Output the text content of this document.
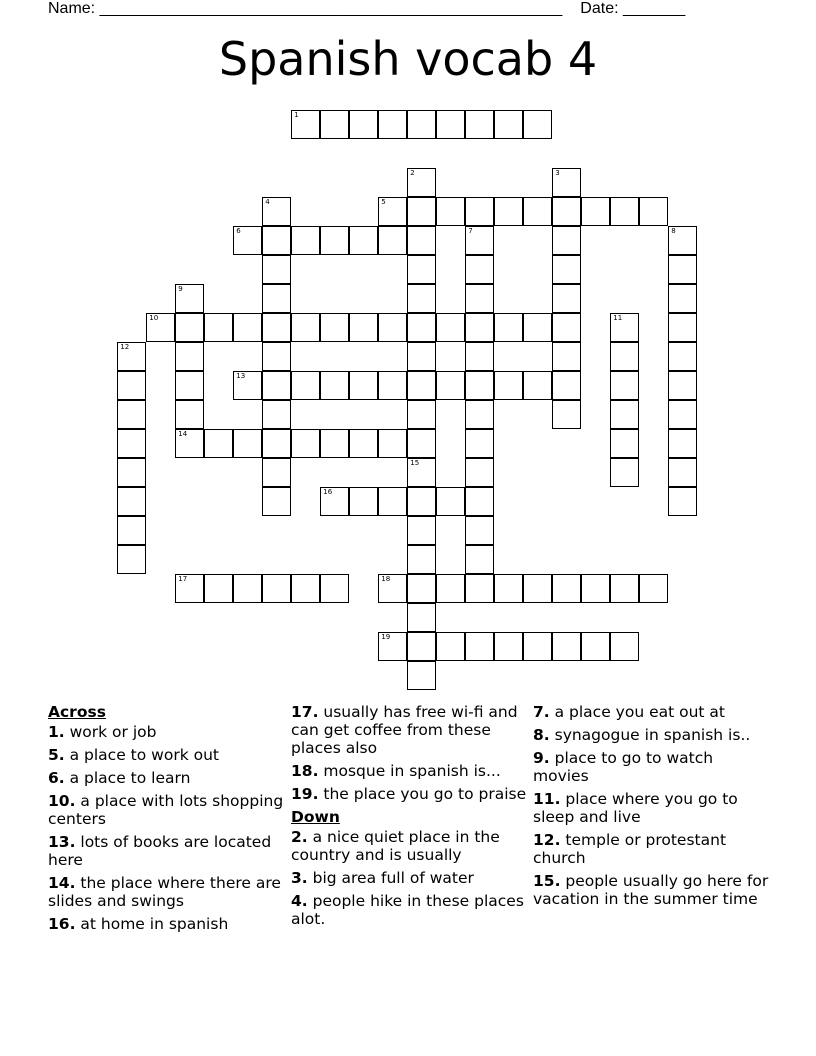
Name: ____________________________________________________ Date: _______
Spanish vocab 4
1
2
15
3
4	5
6	7	8
9
14
10	11
12
13
16
17	18
19
Across
1. work or job
5. a place to work out
6. a place to learn
10. a place with lots shopping centers
13. lots of books are located here
14. the place where there are slides and swings
16. at home in spanish
17. usually has free wi-fi and can get coffee from these places also
18. mosque in spanish is...
19. the place you go to praise
Down
2. a nice quiet place in the country and is usually
3. big area full of water
4. people hike in these places alot.
7. a place you eat out at
8. synagogue in spanish is..
9. place to go to watch movies
11. place where you go to sleep and live
12. temple or protestant church
15. people usually go here for vacation in the summer time
